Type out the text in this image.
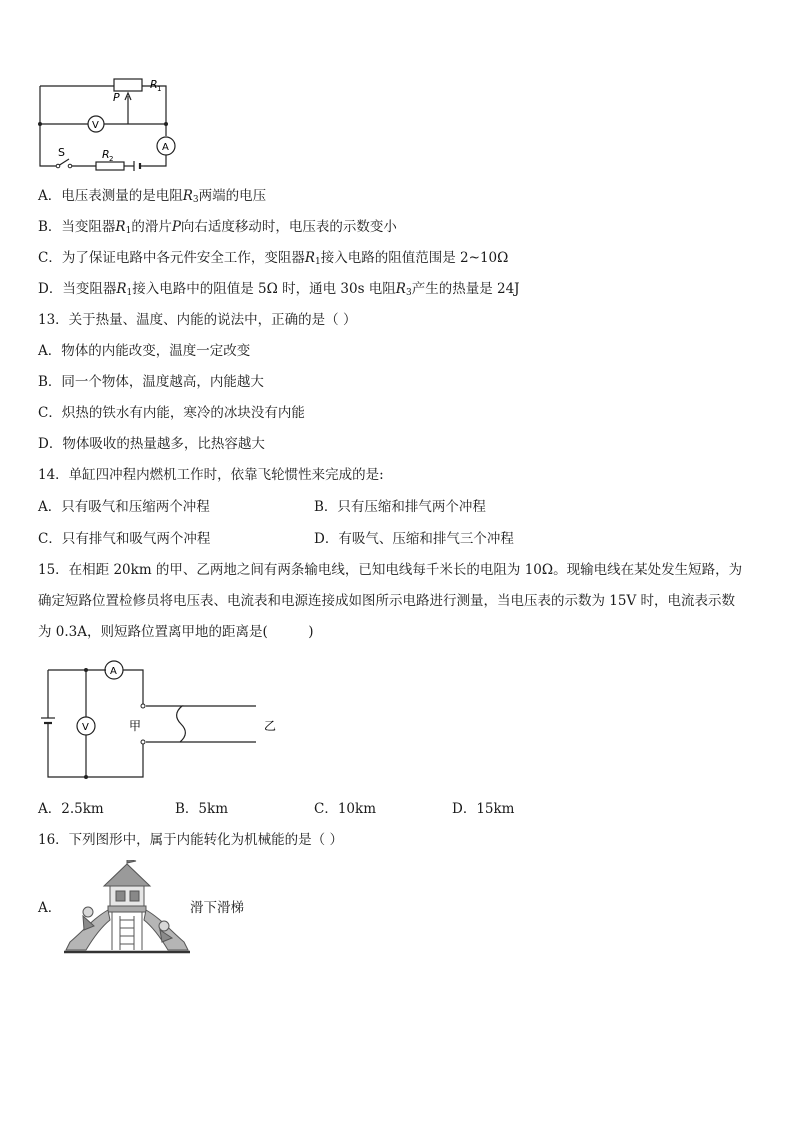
R 1
P
V
A
S	R 2
A．电压表测量的是电阻$R_3$两端的电压
B．当变阻器$R_1$的滑片P向右适度移动时，电压表的示数变小
C．为了保证电路中各元件安全工作，变阻器$R_1$接入电路的阻值范围是 2~10Ω
D．当变阻器$R_1$接入电路中的阻值是 5Ω 时，通电 30s 电阻$R_3$产生的热量是 24J
13．关于热量、温度、内能的说法中，正确的是（ ）
A．物体的内能改变，温度一定改变
B．同一个物体，温度越高，内能越大
C．炽热的铁水有内能，寒冷的冰块没有内能
D．物体吸收的热量越多，比热容越大
14．单缸四冲程内燃机工作时，依靠飞轮惯性来完成的是:
A．只有吸气和压缩两个冲程	B．只有压缩和排气两个冲程
C．只有排气和吸气两个冲程	D．有吸气、压缩和排气三个冲程
15．在相距 20km 的甲、乙两地之间有两条输电线，已知电线每千米长的电阻为 10Ω。现输电线在某处发生短路，为
确定短路位置检修员将电压表、电流表和电源连接成如图所示电路进行测量，当电压表的示数为 15V 时，电流表示数
为 0.3A，则短路位置离甲地的距离是(　　　)
A
V	甲	乙
A．2.5km	B．5km	C．10km	D．15km
16．下列图形中，属于内能转化为机械能的是（ ）
A．	滑下滑梯
